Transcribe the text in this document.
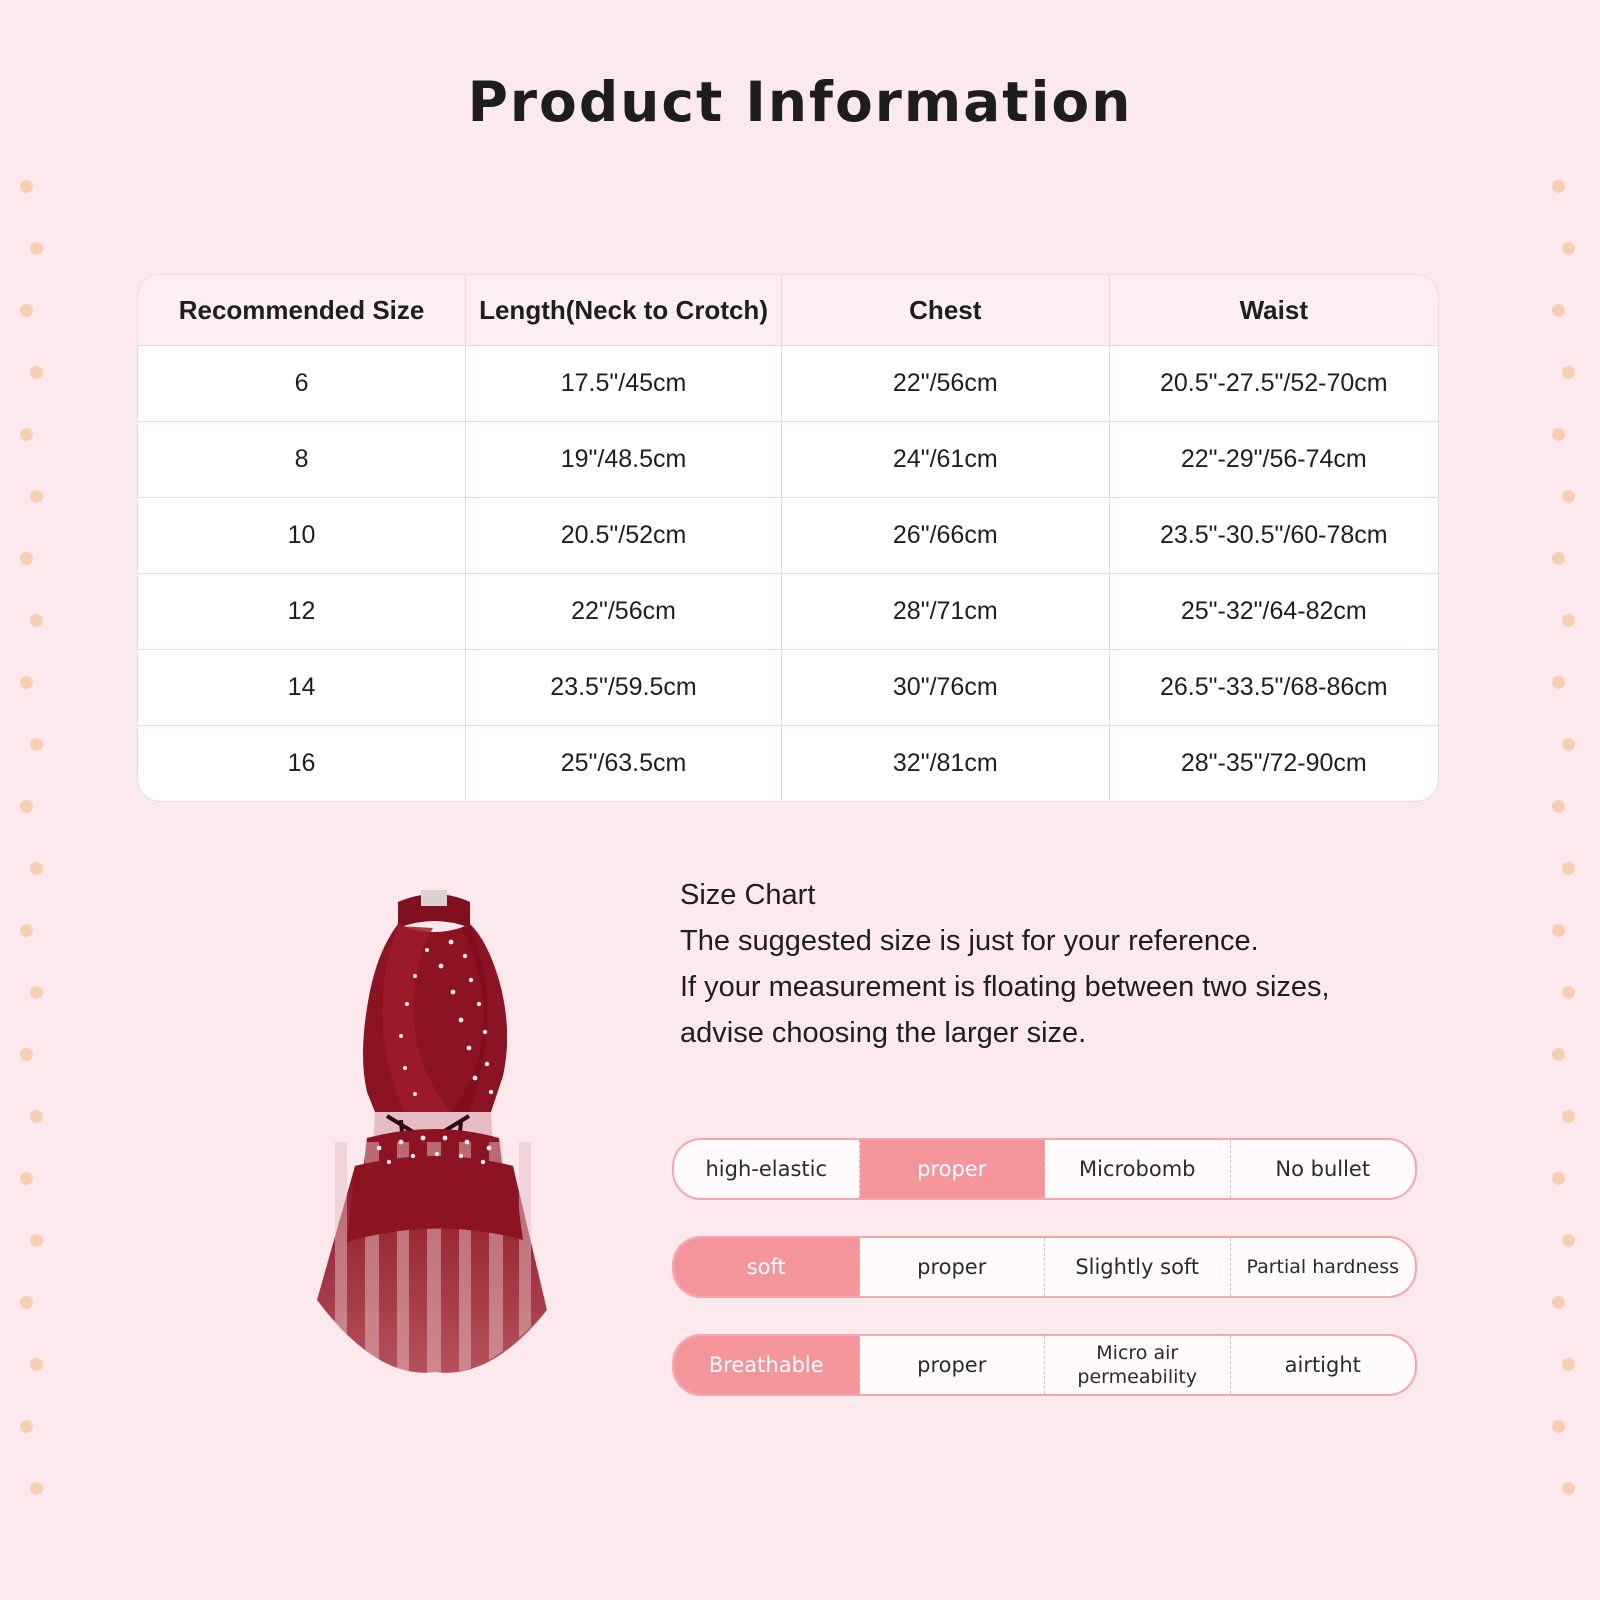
Product Information
Recommended Size	Length(Neck to Crotch)	Chest	Waist
6	17.5"/45cm	22"/56cm	20.5"-27.5"/52-70cm
8	19"/48.5cm	24"/61cm	22"-29"/56-74cm
10	20.5"/52cm	26"/66cm	23.5"-30.5"/60-78cm
12	22"/56cm	28"/71cm	25"-32"/64-82cm
14	23.5"/59.5cm	30"/76cm	26.5"-33.5"/68-86cm
16	25"/63.5cm	32"/81cm	28"-35"/72-90cm
Size Chart
The suggested size is just for your reference.
If your measurement is floating between two sizes,
advise choosing the larger size.
high-elastic	proper	Microbomb	No bullet
soft	proper	Slightly soft	Partial hardness
Breathable	proper	Micro air permeability	airtight
